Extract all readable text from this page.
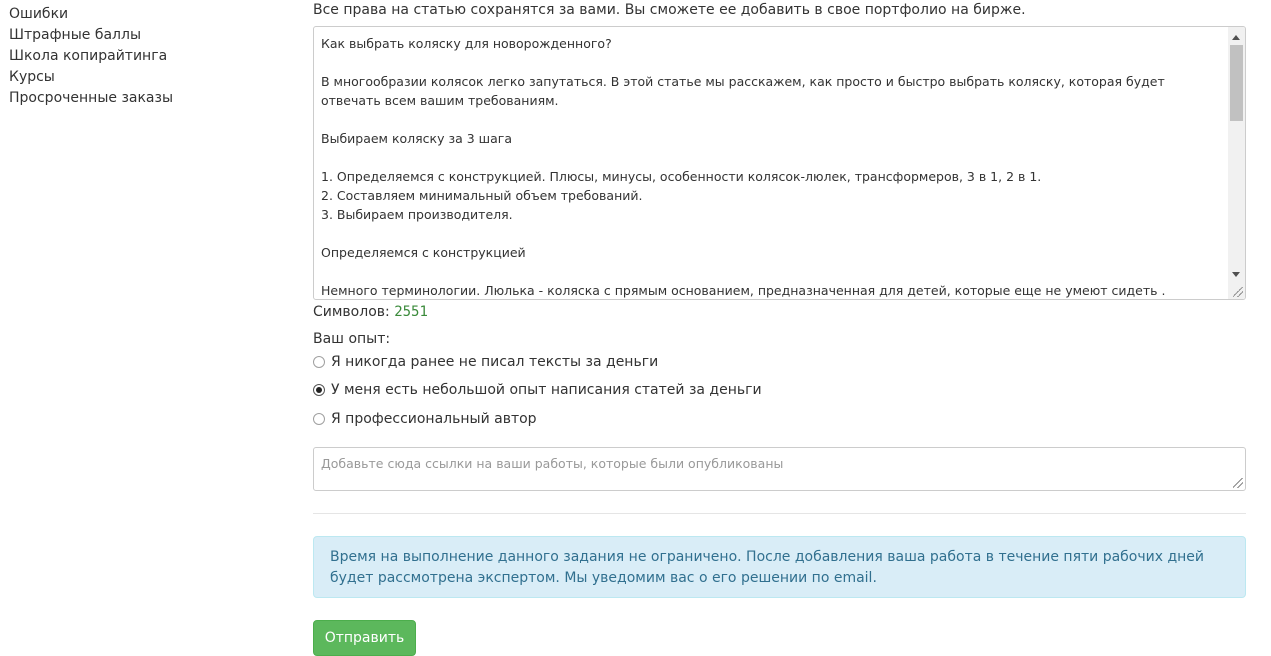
Ошибки
Штрафные баллы
Школа копирайтинга
Курсы
Просроченные заказы
Все права на статью сохранятся за вами. Вы сможете ее добавить в свое портфолио на бирже.
Как выбрать коляску для новорожденного?

В многообразии колясок легко запутаться. В этой статье мы расскажем, как просто и быстро выбрать коляску, которая будет отвечать всем вашим требованиям.

Выбираем коляску за 3 шага

1. Определяемся с конструкцией. Плюсы, минусы, особенности колясок-люлек, трансформеров, 3 в 1, 2 в 1.
2. Составляем минимальный объем требований.
3. Выбираем производителя.

Определяемся с конструкцией

Немного терминологии. Люлька - коляска с прямым основанием, предназначенная для детей, которые еще не умеют сидеть .
Символов: 2551
Ваш опыт:
Я никогда ранее не писал тексты за деньги
У меня есть небольшой опыт написания статей за деньги
Я профессиональный автор
Добавьте сюда ссылки на ваши работы, которые были опубликованы
Время на выполнение данного задания не ограничено. После добавления ваша работа в течение пяти рабочих дней будет рассмотрена экспертом. Мы уведомим вас о его решении по email.
Отправить
